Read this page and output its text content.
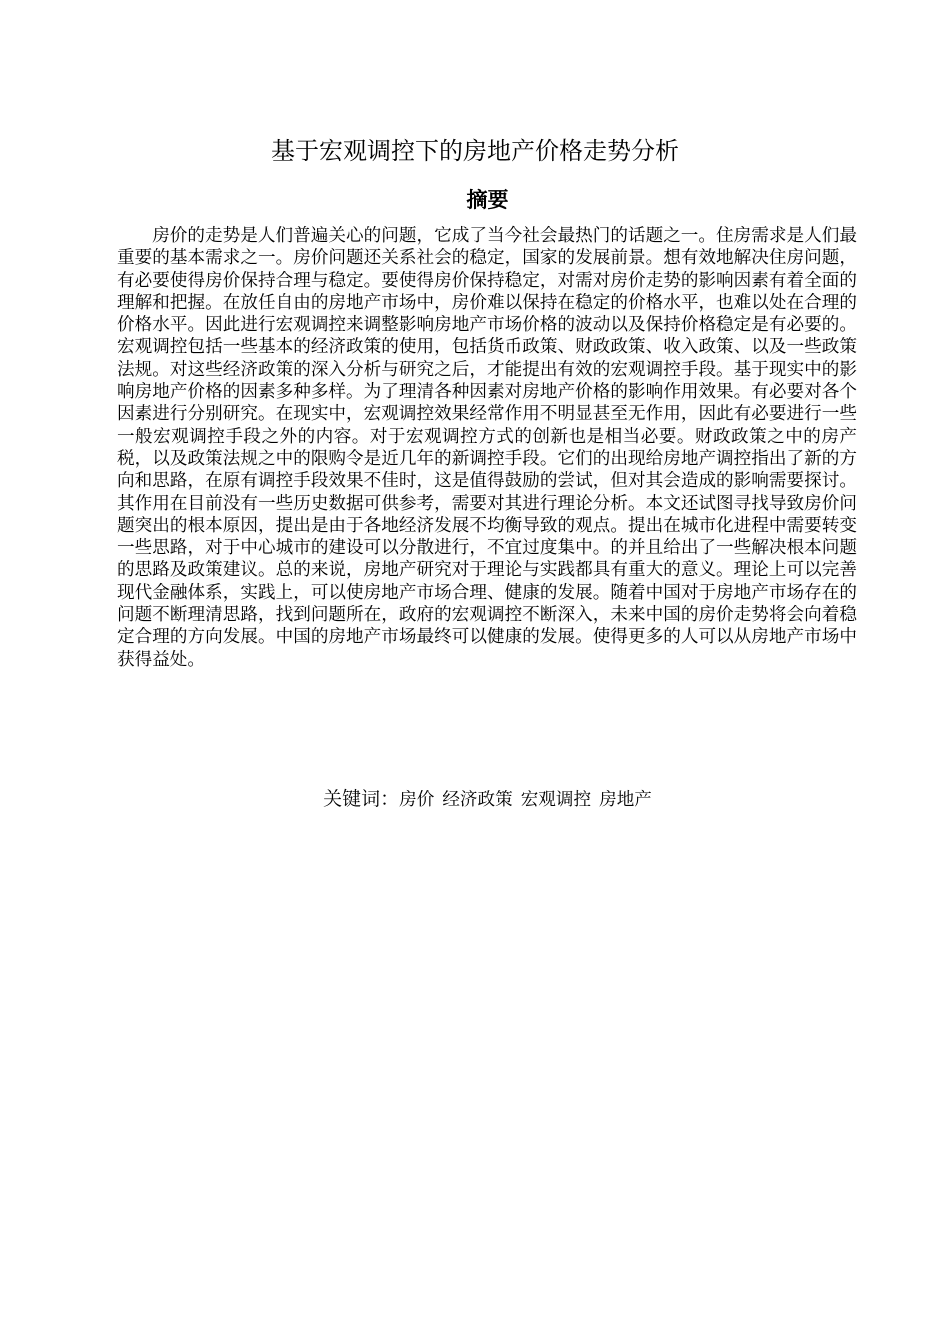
基于宏观调控下的房地产价格走势分析
摘要

房价的走势是人们普遍关心的问题，它成了当今社会最热门的话题之一。住房需求是人们最重要的基本需求之一。房价问题还关系社会的稳定，国家的发展前景。想有效地解决住房问题，有必要使得房价保持合理与稳定。要使得房价保持稳定，对需对房价走势的影响因素有着全面的理解和把握。在放任自由的房地产市场中，房价难以保持在稳定的价格水平，也难以处在合理的价格水平。因此进行宏观调控来调整影响房地产市场价格的波动以及保持价格稳定是有必要的。宏观调控包括一些基本的经济政策的使用，包括货币政策、财政政策、收入政策、以及一些政策法规。对这些经济政策的深入分析与研究之后，才能提出有效的宏观调控手段。基于现实中的影响房地产价格的因素多种多样。为了理清各种因素对房地产价格的影响作用效果。有必要对各个因素进行分别研究。在现实中，宏观调控效果经常作用不明显甚至无作用，因此有必要进行一些一般宏观调控手段之外的内容。对于宏观调控方式的创新也是相当必要。财政政策之中的房产税，以及政策法规之中的限购令是近几年的新调控手段。它们的出现给房地产调控指出了新的方向和思路，在原有调控手段效果不佳时，这是值得鼓励的尝试，但对其会造成的影响需要探讨。其作用在目前没有一些历史数据可供参考，需要对其进行理论分析。本文还试图寻找导致房价问题突出的根本原因，提出是由于各地经济发展不均衡导致的观点。提出在城市化进程中需要转变一些思路，对于中心城市的建设可以分散进行，不宜过度集中。的并且给出了一些解决根本问题的思路及政策建议。总的来说，房地产研究对于理论与实践都具有重大的意义。理论上可以完善现代金融体系，实践上，可以使房地产市场合理、健康的发展。随着中国对于房地产市场存在的问题不断理清思路，找到问题所在，政府的宏观调控不断深入，未来中国的房价走势将会向着稳定合理的方向发展。中国的房地产市场最终可以健康的发展。使得更多的人可以从房地产市场中获得益处。

关键词：房价 经济政策 宏观调控 房地产
